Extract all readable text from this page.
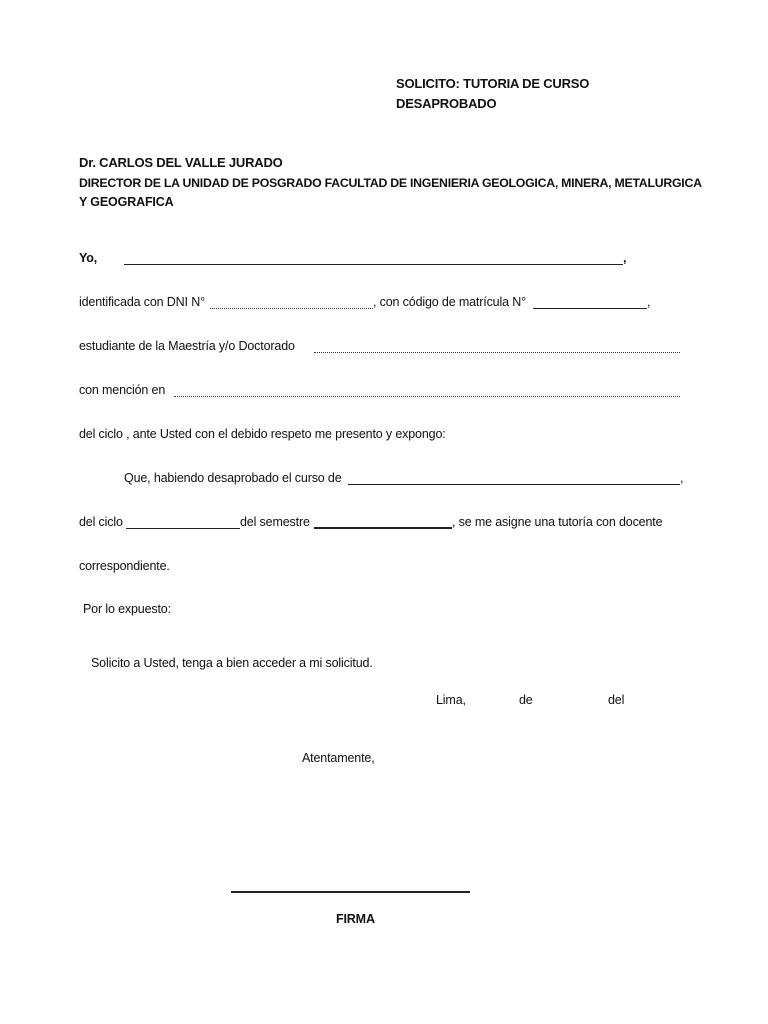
SOLICITO: TUTORIA DE CURSO
DESAPROBADO
Dr. CARLOS DEL VALLE JURADO
DIRECTOR DE LA UNIDAD DE POSGRADO FACULTAD DE INGENIERIA GEOLOGICA, MINERA, METALURGICA
Y GEOGRAFICA
Yo,	,
identificada con DNI N°	, con código de matrícula N°	,
estudiante de la Maestría y/o Doctorado
con mención en
del ciclo , ante Usted con el debido respeto me presento y expongo:
Que, habiendo desaprobado el curso de	,
del ciclo	del semestre	, se me asigne una tutoría con docente
correspondiente.
Por lo expuesto:
Solicito a Usted, tenga a bien acceder a mi solicitud.
Lima,	de	del
Atentamente,
FIRMA
